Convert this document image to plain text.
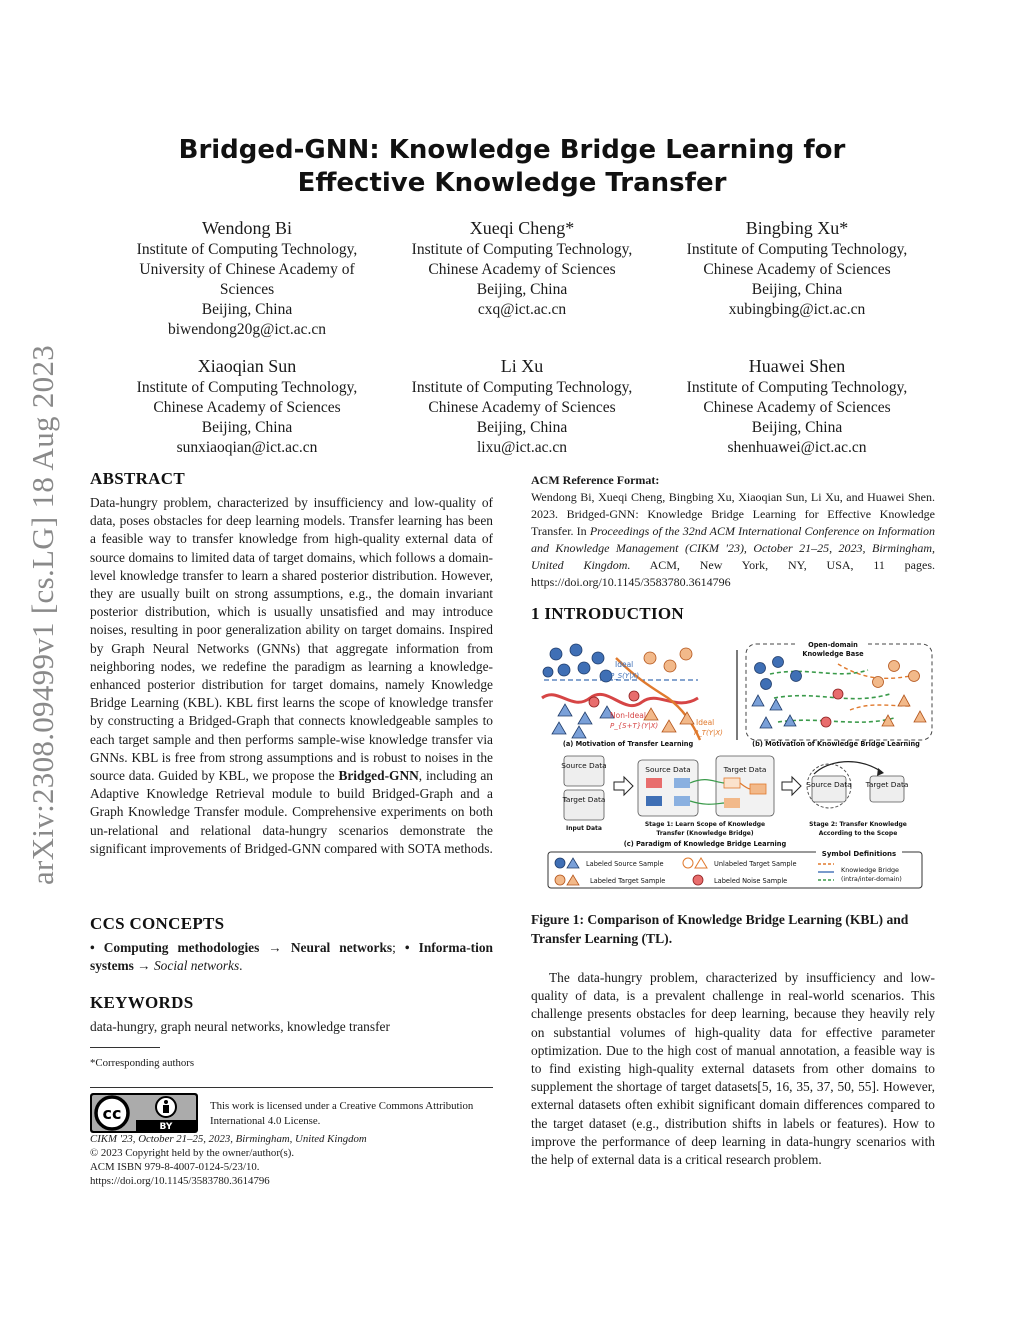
Bridged-GNN: Knowledge Bridge Learning for
Effective Knowledge Transfer
arXiv:2308.09499v1 [cs.LG] 18 Aug 2023
Wendong Bi
Institute of Computing Technology,
University of Chinese Academy of
Sciences
Beijing, China
biwendong20g@ict.ac.cn
Xueqi Cheng*
Institute of Computing Technology,
Chinese Academy of Sciences
Beijing, China
cxq@ict.ac.cn
Bingbing Xu*
Institute of Computing Technology,
Chinese Academy of Sciences
Beijing, China
xubingbing@ict.ac.cn
Xiaoqian Sun
Institute of Computing Technology,
Chinese Academy of Sciences
Beijing, China
sunxiaoqian@ict.ac.cn
Li Xu
Institute of Computing Technology,
Chinese Academy of Sciences
Beijing, China
lixu@ict.ac.cn
Huawei Shen
Institute of Computing Technology,
Chinese Academy of Sciences
Beijing, China
shenhuawei@ict.ac.cn
ABSTRACT
Data-hungry problem, characterized by insufficiency and low-quality of data, poses obstacles for deep learning models. Transfer learning has been a feasible way to transfer knowledge from high-quality external data of source domains to limited data of target domains, which follows a domain-level knowledge transfer to learn a shared posterior distribution. However, they are usually built on strong assumptions, e.g., the domain invariant posterior distribution, which is usually unsatisfied and may introduce noises, resulting in poor generalization ability on target domains. Inspired by Graph Neural Networks (GNNs) that aggregate information from neighboring nodes, we redefine the paradigm as learning a knowledge-enhanced posterior distribution for target domains, namely Knowledge Bridge Learning (KBL). KBL first learns the scope of knowledge transfer by constructing a Bridged-Graph that connects knowledgeable samples to each target sample and then performs sample-wise knowledge transfer via GNNs. KBL is free from strong assumptions and is robust to noises in the source data. Guided by KBL, we propose the Bridged-GNN, including an Adaptive Knowledge Retrieval module to build Bridged-Graph and a Graph Knowledge Transfer module. Comprehensive experiments on both un-relational and relational data-hungry scenarios demonstrate the significant improvements of Bridged-GNN compared with SOTA methods.
CCS CONCEPTS
• Computing methodologies → Neural networks; • Informa-tion systems → Social networks.
KEYWORDS
data-hungry, graph neural networks, knowledge transfer
*Corresponding authors
cc
BY
This work is licensed under a Creative Commons Attribution International 4.0 License.
CIKM '23, October 21–25, 2023, Birmingham, United Kingdom
© 2023 Copyright held by the owner/author(s).
ACM ISBN 979-8-4007-0124-5/23/10.
https://doi.org/10.1145/3583780.3614796
ACM Reference Format:
Wendong Bi, Xueqi Cheng, Bingbing Xu, Xiaoqian Sun, Li Xu, and Huawei Shen. 2023. Bridged-GNN: Knowledge Bridge Learning for Effective Knowledge Transfer. In Proceedings of the 32nd ACM International Conference on Information and Knowledge Management (CIKM '23), October 21–25, 2023, Birmingham, United Kingdom. ACM, New York, NY, USA, 11 pages. https://doi.org/10.1145/3583780.3614796
1 INTRODUCTION
Ideal
P_S(Y|X)
Non-Ideal
P_{S+T}(Y|X)	Ideal
P_T(Y|X)
(a) Motivation of Transfer Learning
Open-domain
Knowledge Base
(b) Motivation of Knowledge Bridge Learning
Source Data
Target Data
Input Data
Source Data	Target Data
Stage 1: Learn Scope of Knowledge
Transfer (Knowledge Bridge)
(c) Paradigm of Knowledge Bridge Learning
Source Data Target Data
Stage 2: Transfer Knowledge
According to the Scope
Symbol Definitions
Labeled Source Sample	Unlabeled Target Sample
Labeled Target Sample	Labeled Noise Sample
Knowledge Bridge
(intra/inter-domain)
Figure 1: Comparison of Knowledge Bridge Learning (KBL) and Transfer Learning (TL).
The data-hungry problem, characterized by insufficiency and low-quality of data, is a prevalent challenge in real-world scenarios. This challenge presents obstacles for deep learning, because they heavily rely on substantial volumes of high-quality data for effective parameter optimization. Due to the high cost of manual annotation, a feasible way is to find existing high-quality external datasets from other domains to supplement the shortage of target datasets[5, 16, 35, 37, 50, 55]. However, external datasets often exhibit significant domain differences compared to the target dataset (e.g., distribution shifts in labels or features). How to improve the performance of deep learning in data-hungry scenarios with the help of external data is a critical research problem.
